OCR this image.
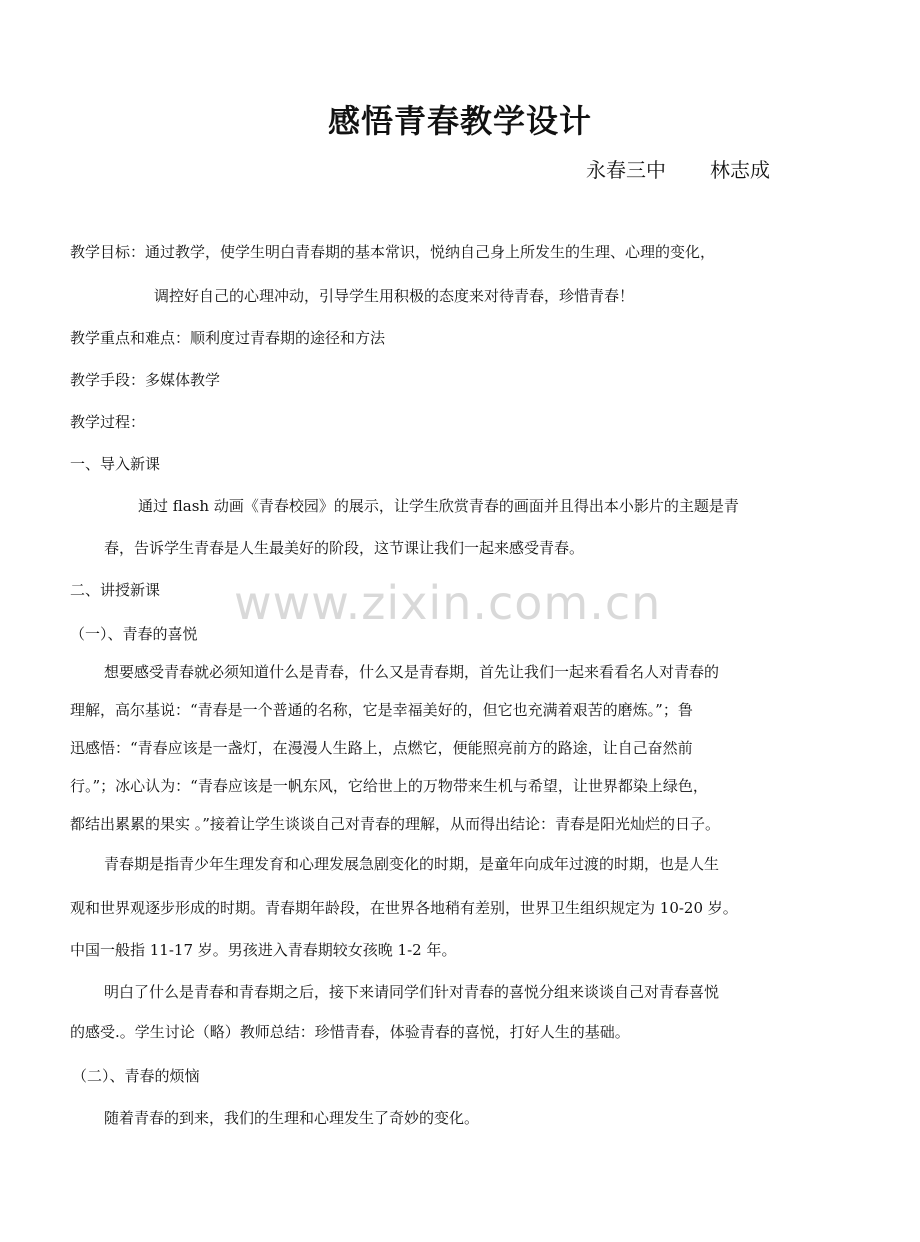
感悟青春教学设计
永春三中 林志成
教学目标：通过教学，使学生明白青春期的基本常识，悦纳自己身上所发生的生理、心理的变化，
调控好自己的心理冲动，引导学生用积极的态度来对待青春，珍惜青春！
教学重点和难点：顺利度过青春期的途径和方法
教学手段：多媒体教学
教学过程：
一、导入新课
通过 flash 动画《青春校园》的展示，让学生欣赏青春的画面并且得出本小影片的主题是青
春，告诉学生青春是人生最美好的阶段，这节课让我们一起来感受青春。
二、讲授新课
（一）、青春的喜悦
想要感受青春就必须知道什么是青春，什么又是青春期，首先让我们一起来看看名人对青春的
理解，高尔基说：“青春是一个普通的名称，它是幸福美好的，但它也充满着艰苦的磨炼。”；鲁
迅感悟：“青春应该是一盏灯，在漫漫人生路上，点燃它，便能照亮前方的路途，让自己奋然前
行。”；冰心认为：“青春应该是一帆东风，它给世上的万物带来生机与希望，让世界都染上绿色，
都结出累累的果实 。”接着让学生谈谈自己对青春的理解，从而得出结论：青春是阳光灿烂的日子。
青春期是指青少年生理发育和心理发展急剧变化的时期，是童年向成年过渡的时期，也是人生
观和世界观逐步形成的时期。青春期年龄段，在世界各地稍有差别，世界卫生组织规定为 10-20 岁。
中国一般指 11-17 岁。男孩进入青春期较女孩晚 1-2 年。
明白了什么是青春和青春期之后，接下来请同学们针对青春的喜悦分组来谈谈自己对青春喜悦
的感受.。学生讨论（略）教师总结：珍惜青春，体验青春的喜悦，打好人生的基础。
（二）、青春的烦恼
随着青春的到来，我们的生理和心理发生了奇妙的变化。
www.zixin.com.cn
